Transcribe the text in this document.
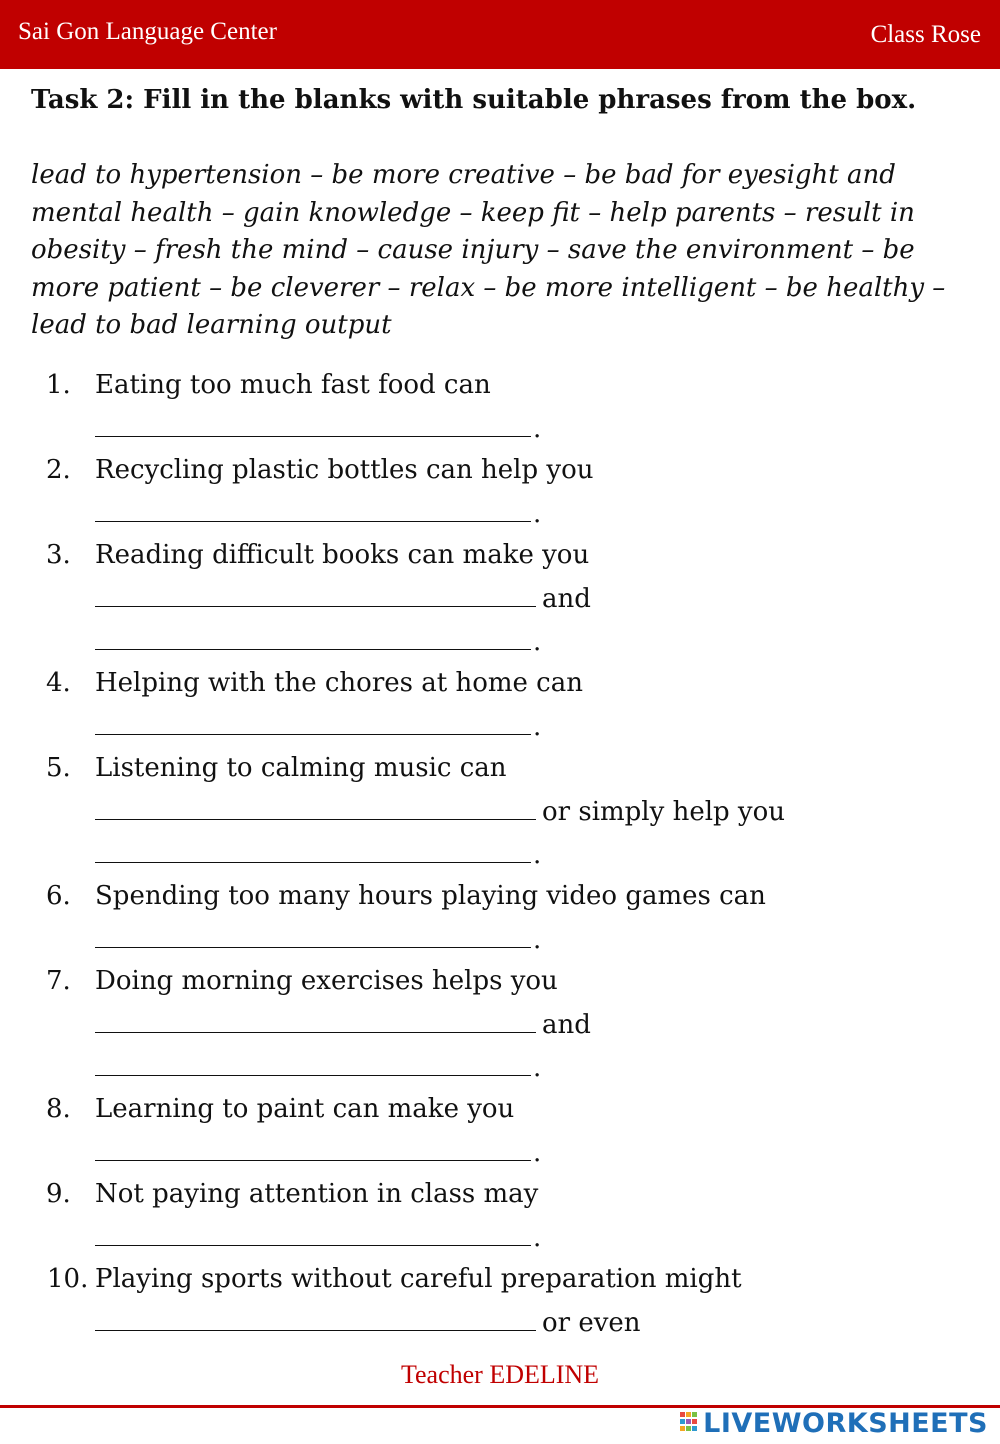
Sai Gon Language Center	Class Rose

Task 2: Fill in the blanks with suitable phrases from the box.

lead to hypertension – be more creative – be bad for eyesight and mental health – gain knowledge – keep fit – help parents – result in obesity – fresh the mind – cause injury – save the environment – be more patient – be cleverer – relax – be more intelligent – be healthy – lead to bad learning output

1. Eating too much fast food can
.
2. Recycling plastic bottles can help you
.
3. Reading difficult books can make you
and
.
4. Helping with the chores at home can
.
5. Listening to calming music can
or simply help you
.
6. Spending too many hours playing video games can
.
7. Doing morning exercises helps you
and
.
8. Learning to paint can make you
.
9. Not paying attention in class may
.
10. Playing sports without careful preparation might
or even
Teacher EDELINE
LIVEWORKSHEETS
